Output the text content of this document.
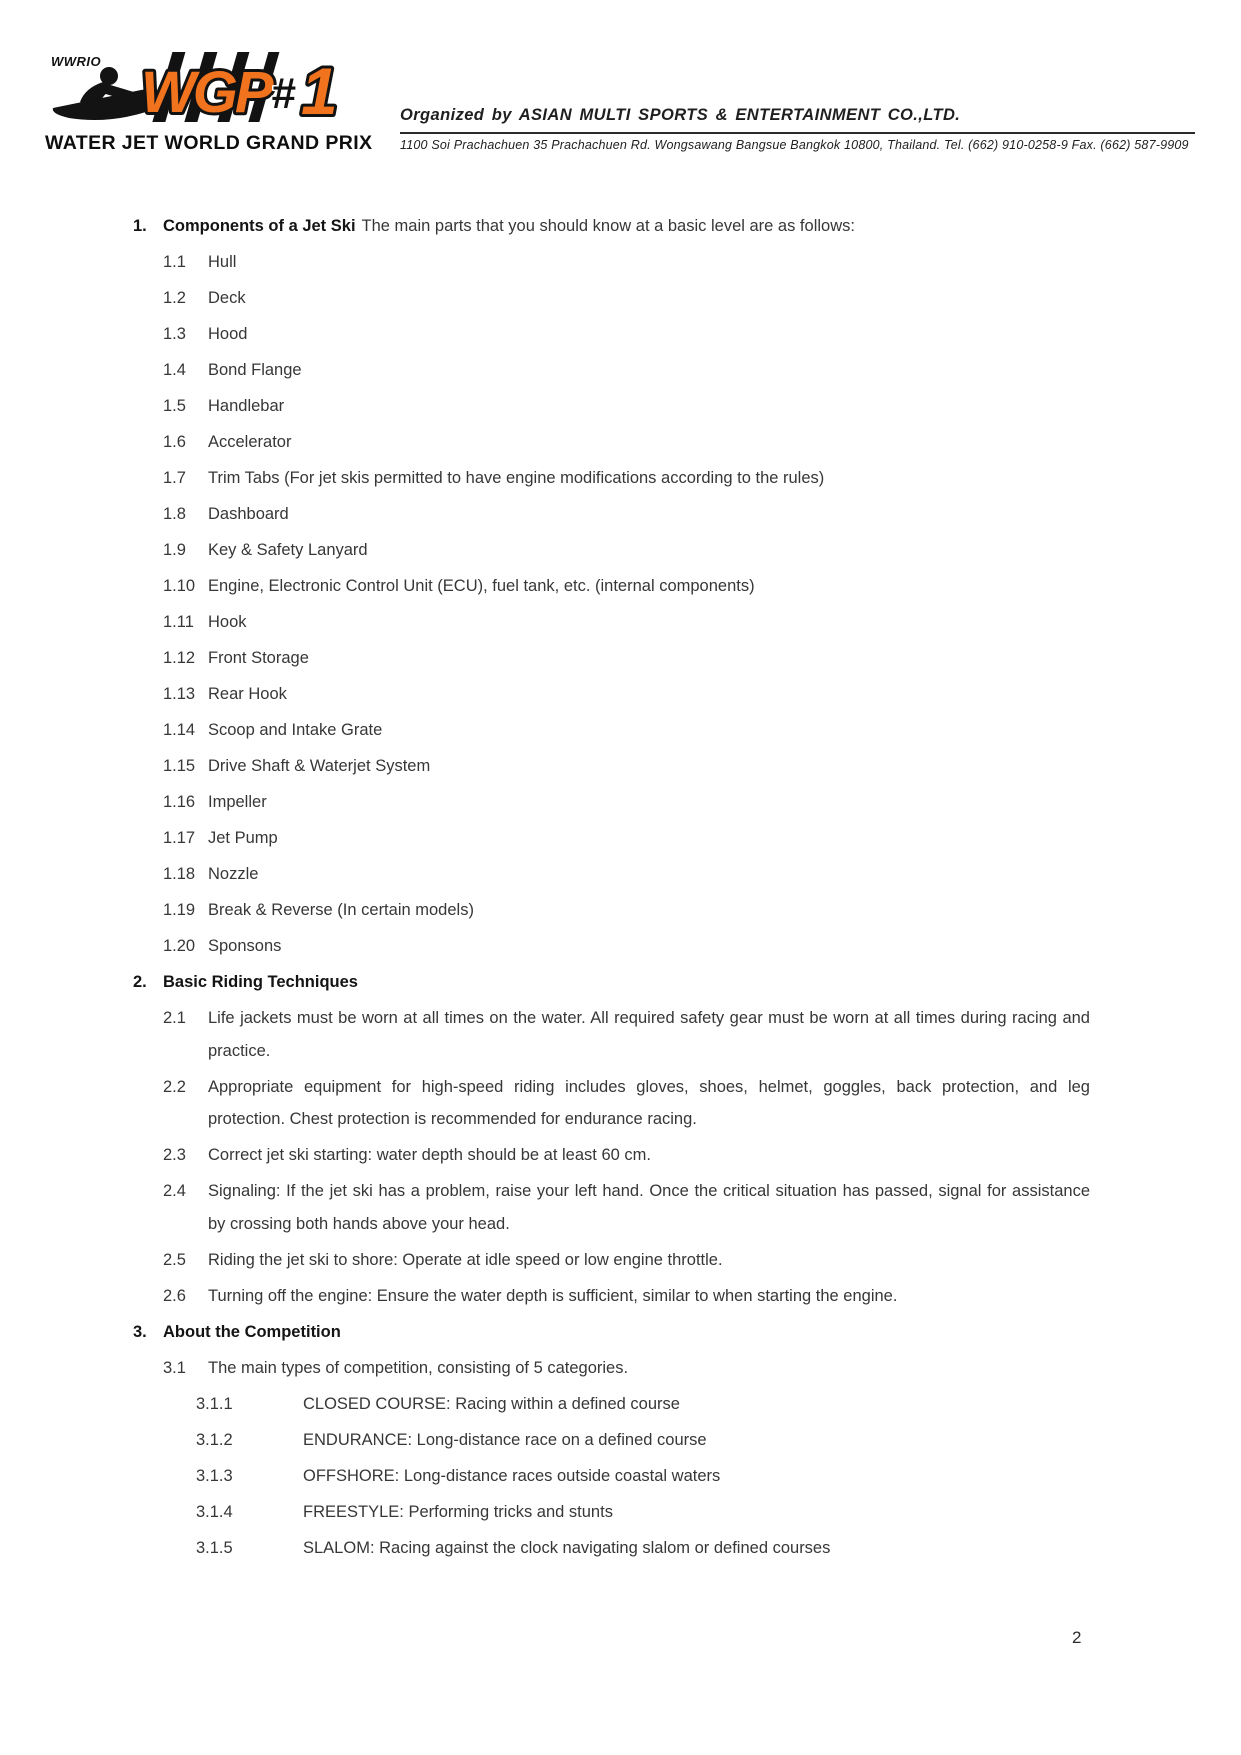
WWRIO WGP # 1
WATER JET WORLD GRAND PRIX
Organized by ASIAN MULTI SPORTS & ENTERTAINMENT CO.,LTD.
1100 Soi Prachachuen 35 Prachachuen Rd. Wongsawang Bangsue Bangkok 10800, Thailand. Tel. (662) 910-0258-9 Fax. (662) 587-9909
1. Components of a Jet Ski The main parts that you should know at a basic level are as follows:
1.1	Hull
1.2	Deck
1.3	Hood
1.4	Bond Flange
1.5	Handlebar
1.6	Accelerator
1.7	Trim Tabs (For jet skis permitted to have engine modifications according to the rules)
1.8	Dashboard
1.9	Key & Safety Lanyard
1.10 Engine, Electronic Control Unit (ECU), fuel tank, etc. (internal components)
1.11 Hook
1.12 Front Storage
1.13 Rear Hook
1.14 Scoop and Intake Grate
1.15 Drive Shaft & Waterjet System
1.16 Impeller
1.17 Jet Pump
1.18 Nozzle
1.19 Break & Reverse (In certain models)
1.20 Sponsons
2. Basic Riding Techniques
2.1	Life jackets must be worn at all times on the water. All required safety gear must be worn at all times during racing and practice.
2.2	Appropriate equipment for high-speed riding includes gloves, shoes, helmet, goggles, back protection, and leg protection. Chest protection is recommended for endurance racing.
2.3	Correct jet ski starting: water depth should be at least 60 cm.
2.4	Signaling: If the jet ski has a problem, raise your left hand. Once the critical situation has passed, signal for assistance by crossing both hands above your head.
2.5	Riding the jet ski to shore: Operate at idle speed or low engine throttle.
2.6	Turning off the engine: Ensure the water depth is sufficient, similar to when starting the engine.
3. About the Competition
3.1	The main types of competition, consisting of 5 categories.
3.1.1	CLOSED COURSE: Racing within a defined course
3.1.2	ENDURANCE: Long-distance race on a defined course
3.1.3	OFFSHORE: Long-distance races outside coastal waters
3.1.4	FREESTYLE: Performing tricks and stunts
3.1.5	SLALOM: Racing against the clock navigating slalom or defined courses
2
